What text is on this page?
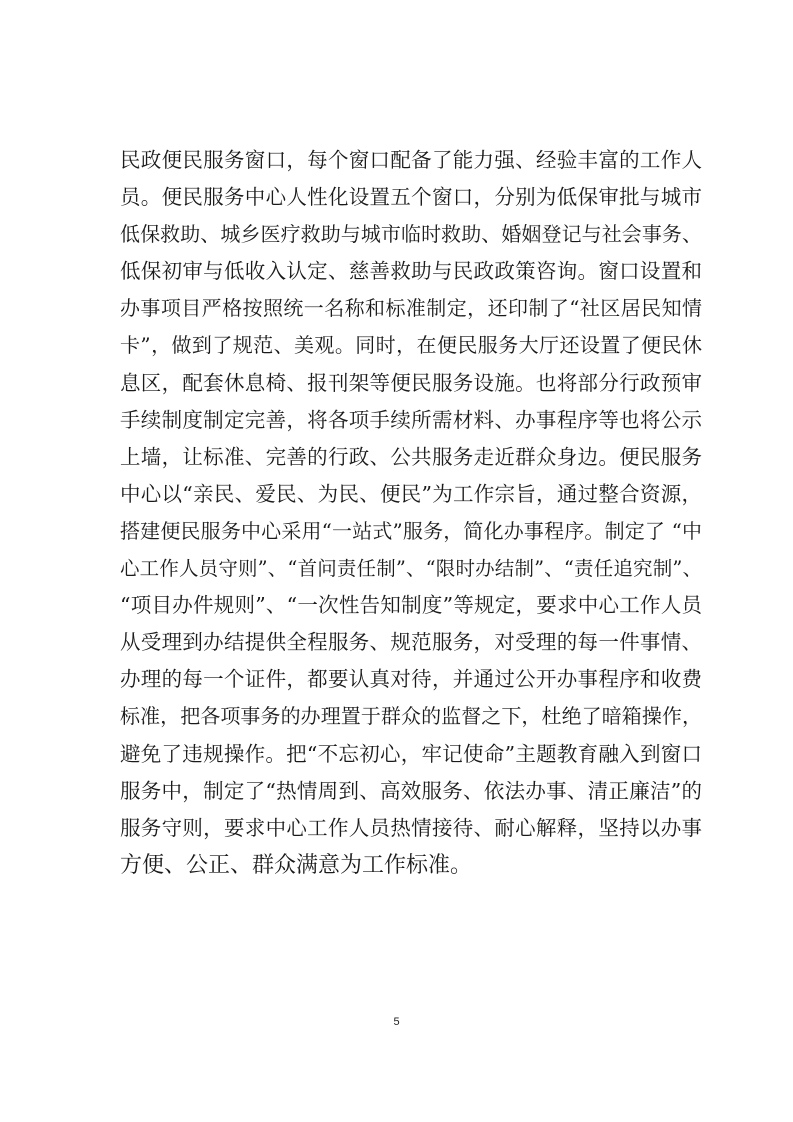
民政便民服务窗口，每个窗口配备了能力强、经验丰富的工作人
员。便民服务中心人性化设置五个窗口，分别为低保审批与城市
低保救助、城乡医疗救助与城市临时救助、婚姻登记与社会事务、
低保初审与低收入认定、慈善救助与民政政策咨询。窗口设置和
办事项目严格按照统一名称和标准制定，还印制了“社区居民知情
卡”，做到了规范、美观。同时，在便民服务大厅还设置了便民休
息区，配套休息椅、报刊架等便民服务设施。也将部分行政预审
手续制度制定完善，将各项手续所需材料、办事程序等也将公示
上墙，让标准、完善的行政、公共服务走近群众身边。便民服务
中心以“亲民、爱民、为民、便民”为工作宗旨，通过整合资源，
搭建便民服务中心采用“一站式”服务，简化办事程序。制定了 “中
心工作人员守则”、“首问责任制”、“限时办结制”、“责任追究制”、
“项目办件规则”、“一次性告知制度”等规定，要求中心工作人员
从受理到办结提供全程服务、规范服务，对受理的每一件事情、
办理的每一个证件，都要认真对待，并通过公开办事程序和收费
标准，把各项事务的办理置于群众的监督之下，杜绝了暗箱操作，
避免了违规操作。把“不忘初心，牢记使命”主题教育融入到窗口
服务中，制定了“热情周到、高效服务、依法办事、清正廉洁”的
服务守则，要求中心工作人员热情接待、耐心解释，坚持以办事
方便、公正、群众满意为工作标准。
5
